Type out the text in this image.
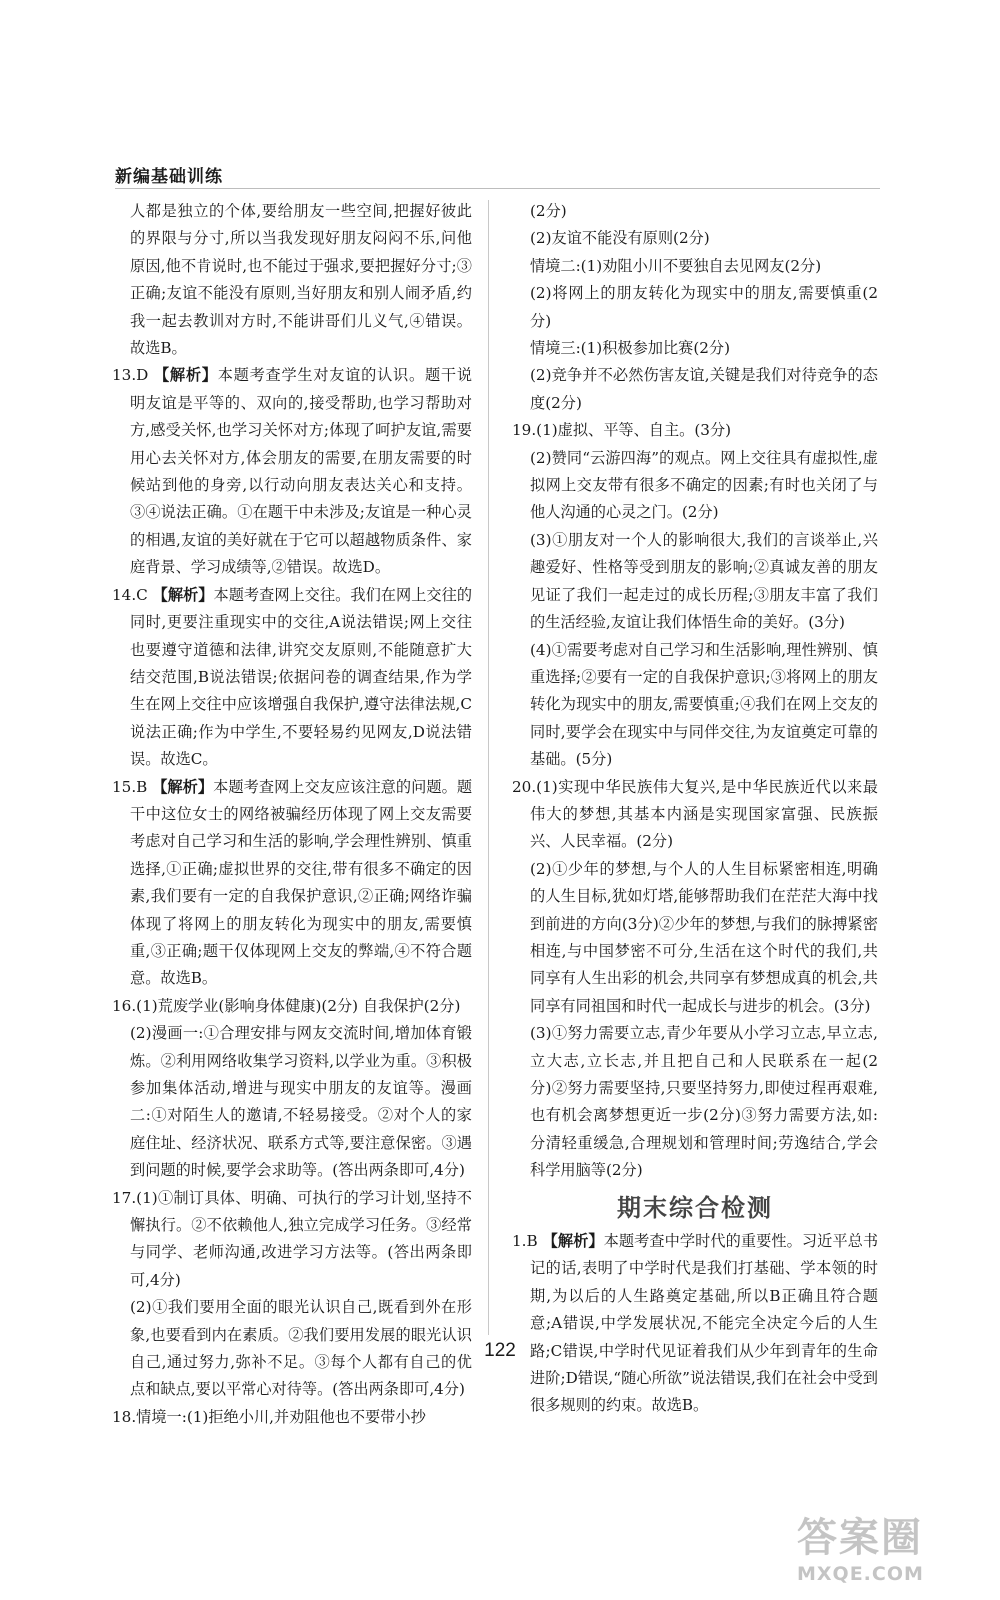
新编基础训练

人都是独立的个体,要给朋友一些空间,把握好彼此的界限与分寸,所以当我发现好朋友闷闷不乐,问他原因,他不肯说时,也不能过于强求,要把握好分寸;③正确;友谊不能没有原则,当好朋友和别人闹矛盾,约我一起去教训对方时,不能讲哥们儿义气,④错误。故选B。

13.D 【解析】本题考查学生对友谊的认识。题干说明友谊是平等的、双向的,接受帮助,也学习帮助对方,感受关怀,也学习关怀对方;体现了呵护友谊,需要用心去关怀对方,体会朋友的需要,在朋友需要的时候站到他的身旁,以行动向朋友表达关心和支持。③④说法正确。①在题干中未涉及;友谊是一种心灵的相遇,友谊的美好就在于它可以超越物质条件、家庭背景、学习成绩等,②错误。故选D。

14.C 【解析】本题考查网上交往。我们在网上交往的同时,更要注重现实中的交往,A说法错误;网上交往也要遵守道德和法律,讲究交友原则,不能随意扩大结交范围,B说法错误;依据问卷的调查结果,作为学生在网上交往中应该增强自我保护,遵守法律法规,C说法正确;作为中学生,不要轻易约见网友,D说法错误。故选C。

15.B 【解析】本题考查网上交友应该注意的问题。题干中这位女士的网络被骗经历体现了网上交友需要考虑对自己学习和生活的影响,学会理性辨别、慎重选择,①正确;虚拟世界的交往,带有很多不确定的因素,我们要有一定的自我保护意识,②正确;网络诈骗体现了将网上的朋友转化为现实中的朋友,需要慎重,③正确;题干仅体现网上交友的弊端,④不符合题意。故选B。

16.(1)荒废学业(影响身体健康)(2分) 自我保护(2分)

(2)漫画一:①合理安排与网友交流时间,增加体育锻炼。②利用网络收集学习资料,以学业为重。③积极参加集体活动,增进与现实中朋友的友谊等。漫画二:①对陌生人的邀请,不轻易接受。②对个人的家庭住址、经济状况、联系方式等,要注意保密。③遇到问题的时候,要学会求助等。(答出两条即可,4分)

17.(1)①制订具体、明确、可执行的学习计划,坚持不懈执行。②不依赖他人,独立完成学习任务。③经常与同学、老师沟通,改进学习方法等。(答出两条即可,4分)

(2)①我们要用全面的眼光认识自己,既看到外在形象,也要看到内在素质。②我们要用发展的眼光认识自己,通过努力,弥补不足。③每个人都有自己的优点和缺点,要以平常心对待等。(答出两条即可,4分)

18.情境一:(1)拒绝小川,并劝阻他也不要带小抄

(2分)

(2)友谊不能没有原则(2分)

情境二:(1)劝阻小川不要独自去见网友(2分)

(2)将网上的朋友转化为现实中的朋友,需要慎重(2分)

情境三:(1)积极参加比赛(2分)

(2)竞争并不必然伤害友谊,关键是我们对待竞争的态度(2分)

19.(1)虚拟、平等、自主。(3分)

(2)赞同“云游四海”的观点。网上交往具有虚拟性,虚拟网上交友带有很多不确定的因素;有时也关闭了与他人沟通的心灵之门。(2分)

(3)①朋友对一个人的影响很大,我们的言谈举止,兴趣爱好、性格等受到朋友的影响;②真诚友善的朋友见证了我们一起走过的成长历程;③朋友丰富了我们的生活经验,友谊让我们体悟生命的美好。(3分)

(4)①需要考虑对自己学习和生活影响,理性辨别、慎重选择;②要有一定的自我保护意识;③将网上的朋友转化为现实中的朋友,需要慎重;④我们在网上交友的同时,要学会在现实中与同伴交往,为友谊奠定可靠的基础。(5分)

20.(1)实现中华民族伟大复兴,是中华民族近代以来最伟大的梦想,其基本内涵是实现国家富强、民族振兴、人民幸福。(2分)

(2)①少年的梦想,与个人的人生目标紧密相连,明确的人生目标,犹如灯塔,能够帮助我们在茫茫大海中找到前进的方向(3分)②少年的梦想,与我们的脉搏紧密相连,与中国梦密不可分,生活在这个时代的我们,共同享有人生出彩的机会,共同享有梦想成真的机会,共同享有同祖国和时代一起成长与进步的机会。(3分)

(3)①努力需要立志,青少年要从小学习立志,早立志,立大志,立长志,并且把自己和人民联系在一起(2分)②努力需要坚持,只要坚持努力,即使过程再艰难,也有机会离梦想更近一步(2分)③努力需要方法,如:分清轻重缓急,合理规划和管理时间;劳逸结合,学会科学用脑等(2分)

期末综合检测

1.B 【解析】本题考查中学时代的重要性。习近平总书记的话,表明了中学时代是我们打基础、学本领的时期,为以后的人生路奠定基础,所以B正确且符合题意;A错误,中学发展状况,不能完全决定今后的人生路;C错误,中学时代见证着我们从少年到青年的生命进阶;D错误,“随心所欲”说法错误,我们在社会中受到很多规则的约束。故选B。

122
答案圈
MXQE.COM
